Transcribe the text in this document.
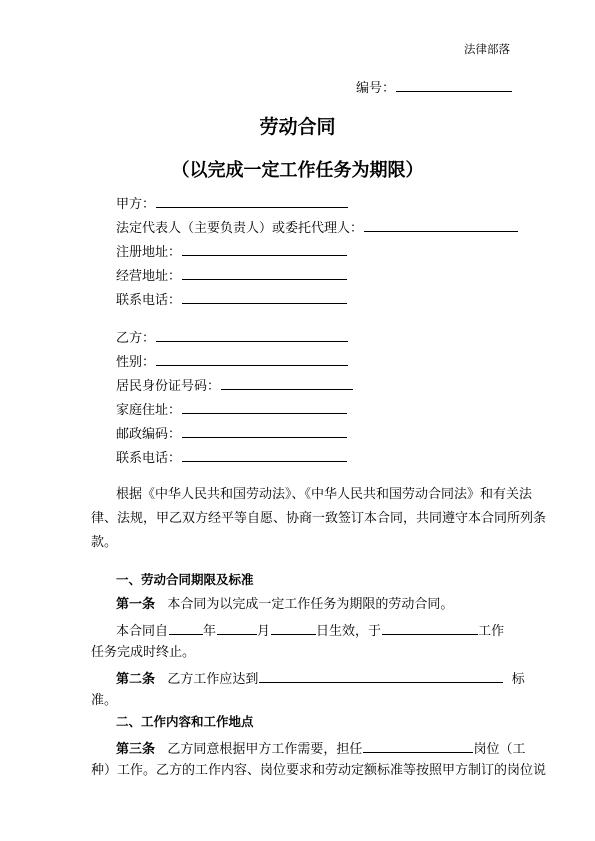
法律部落
编号：
劳动合同
（以完成一定工作任务为期限）
甲方：
法定代表人（主要负责人）或委托代理人：
注册地址：
经营地址：
联系电话：
乙方：
性别：
居民身份证号码：
家庭住址：
邮政编码：
联系电话：
根据《中华人民共和国劳动法》、《中华人民共和国劳动合同法》和有关法
律、法规，甲乙双方经平等自愿、协商一致签订本合同，共同遵守本合同所列条
款。
一、劳动合同期限及标准
第一条 本合同为以完成一定工作任务为期限的劳动合同。
本合同自	年	月	日生效，于	工作
任务完成时终止。
第二条 乙方工作应达到	标
准。
二、工作内容和工作地点
第三条 乙方同意根据甲方工作需要，担任	岗位（工
种）工作。乙方的工作内容、岗位要求和劳动定额标准等按照甲方制订的岗位说
